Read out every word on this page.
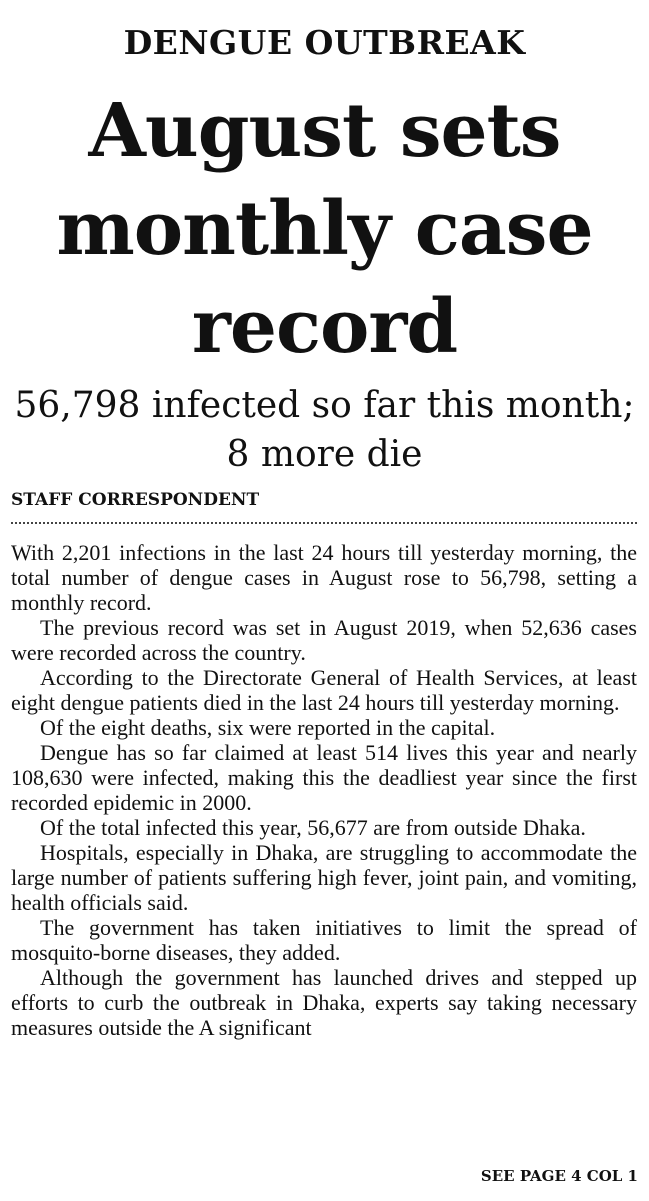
DENGUE OUTBREAK
August sets monthly case record
56,798 infected so far this month; 8 more die
STAFF CORRESPONDENT

With 2,201 infections in the last 24 hours till yesterday morning, the total number of dengue cases in August rose to 56,798, setting a monthly record.

The previous record was set in August 2019, when 52,636 cases were recorded across the country.

According to the Directorate General of Health Services, at least eight dengue patients died in the last 24 hours till yesterday morning.

Of the eight deaths, six were reported in the capital.

Dengue has so far claimed at least 514 lives this year and nearly 108,630 were infected, making this the deadliest year since the first recorded epidemic in 2000.

Of the total infected this year, 56,677 are from outside Dhaka.

Hospitals, especially in Dhaka, are struggling to accommodate the large number of patients suffering high fever, joint pain, and vomiting, health officials said.

The government has taken initiatives to limit the spread of mosquito-borne diseases, they added.

Although the government has launched drives and stepped up efforts to curb the outbreak in Dhaka, experts say taking necessary measures outside the A significant

SEE PAGE 4 COL 1
